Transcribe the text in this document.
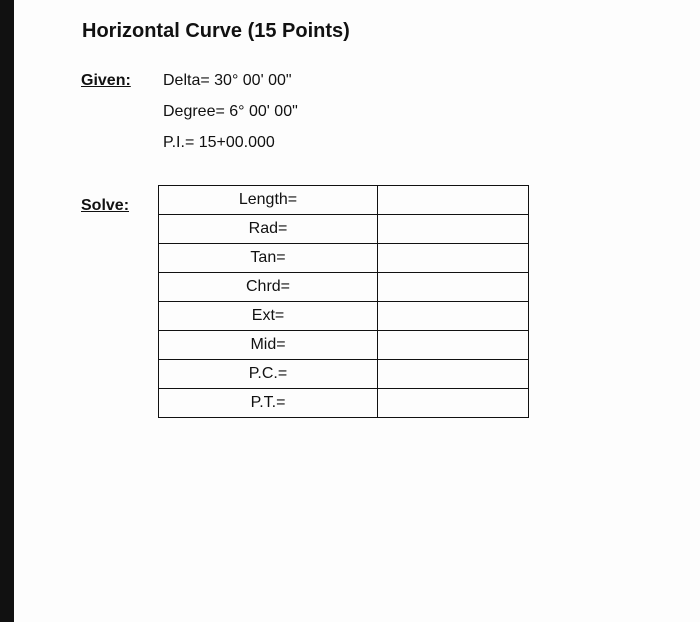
Horizontal Curve (15 Points)
Given: Delta= 30° 00' 00"
Degree= 6° 00' 00"
P.I.= 15+00.000
Solve:	Length=	
Rad=	
Tan=	
Chrd=	
Ext=	
Mid=	
P.C.=	
P.T.=	
